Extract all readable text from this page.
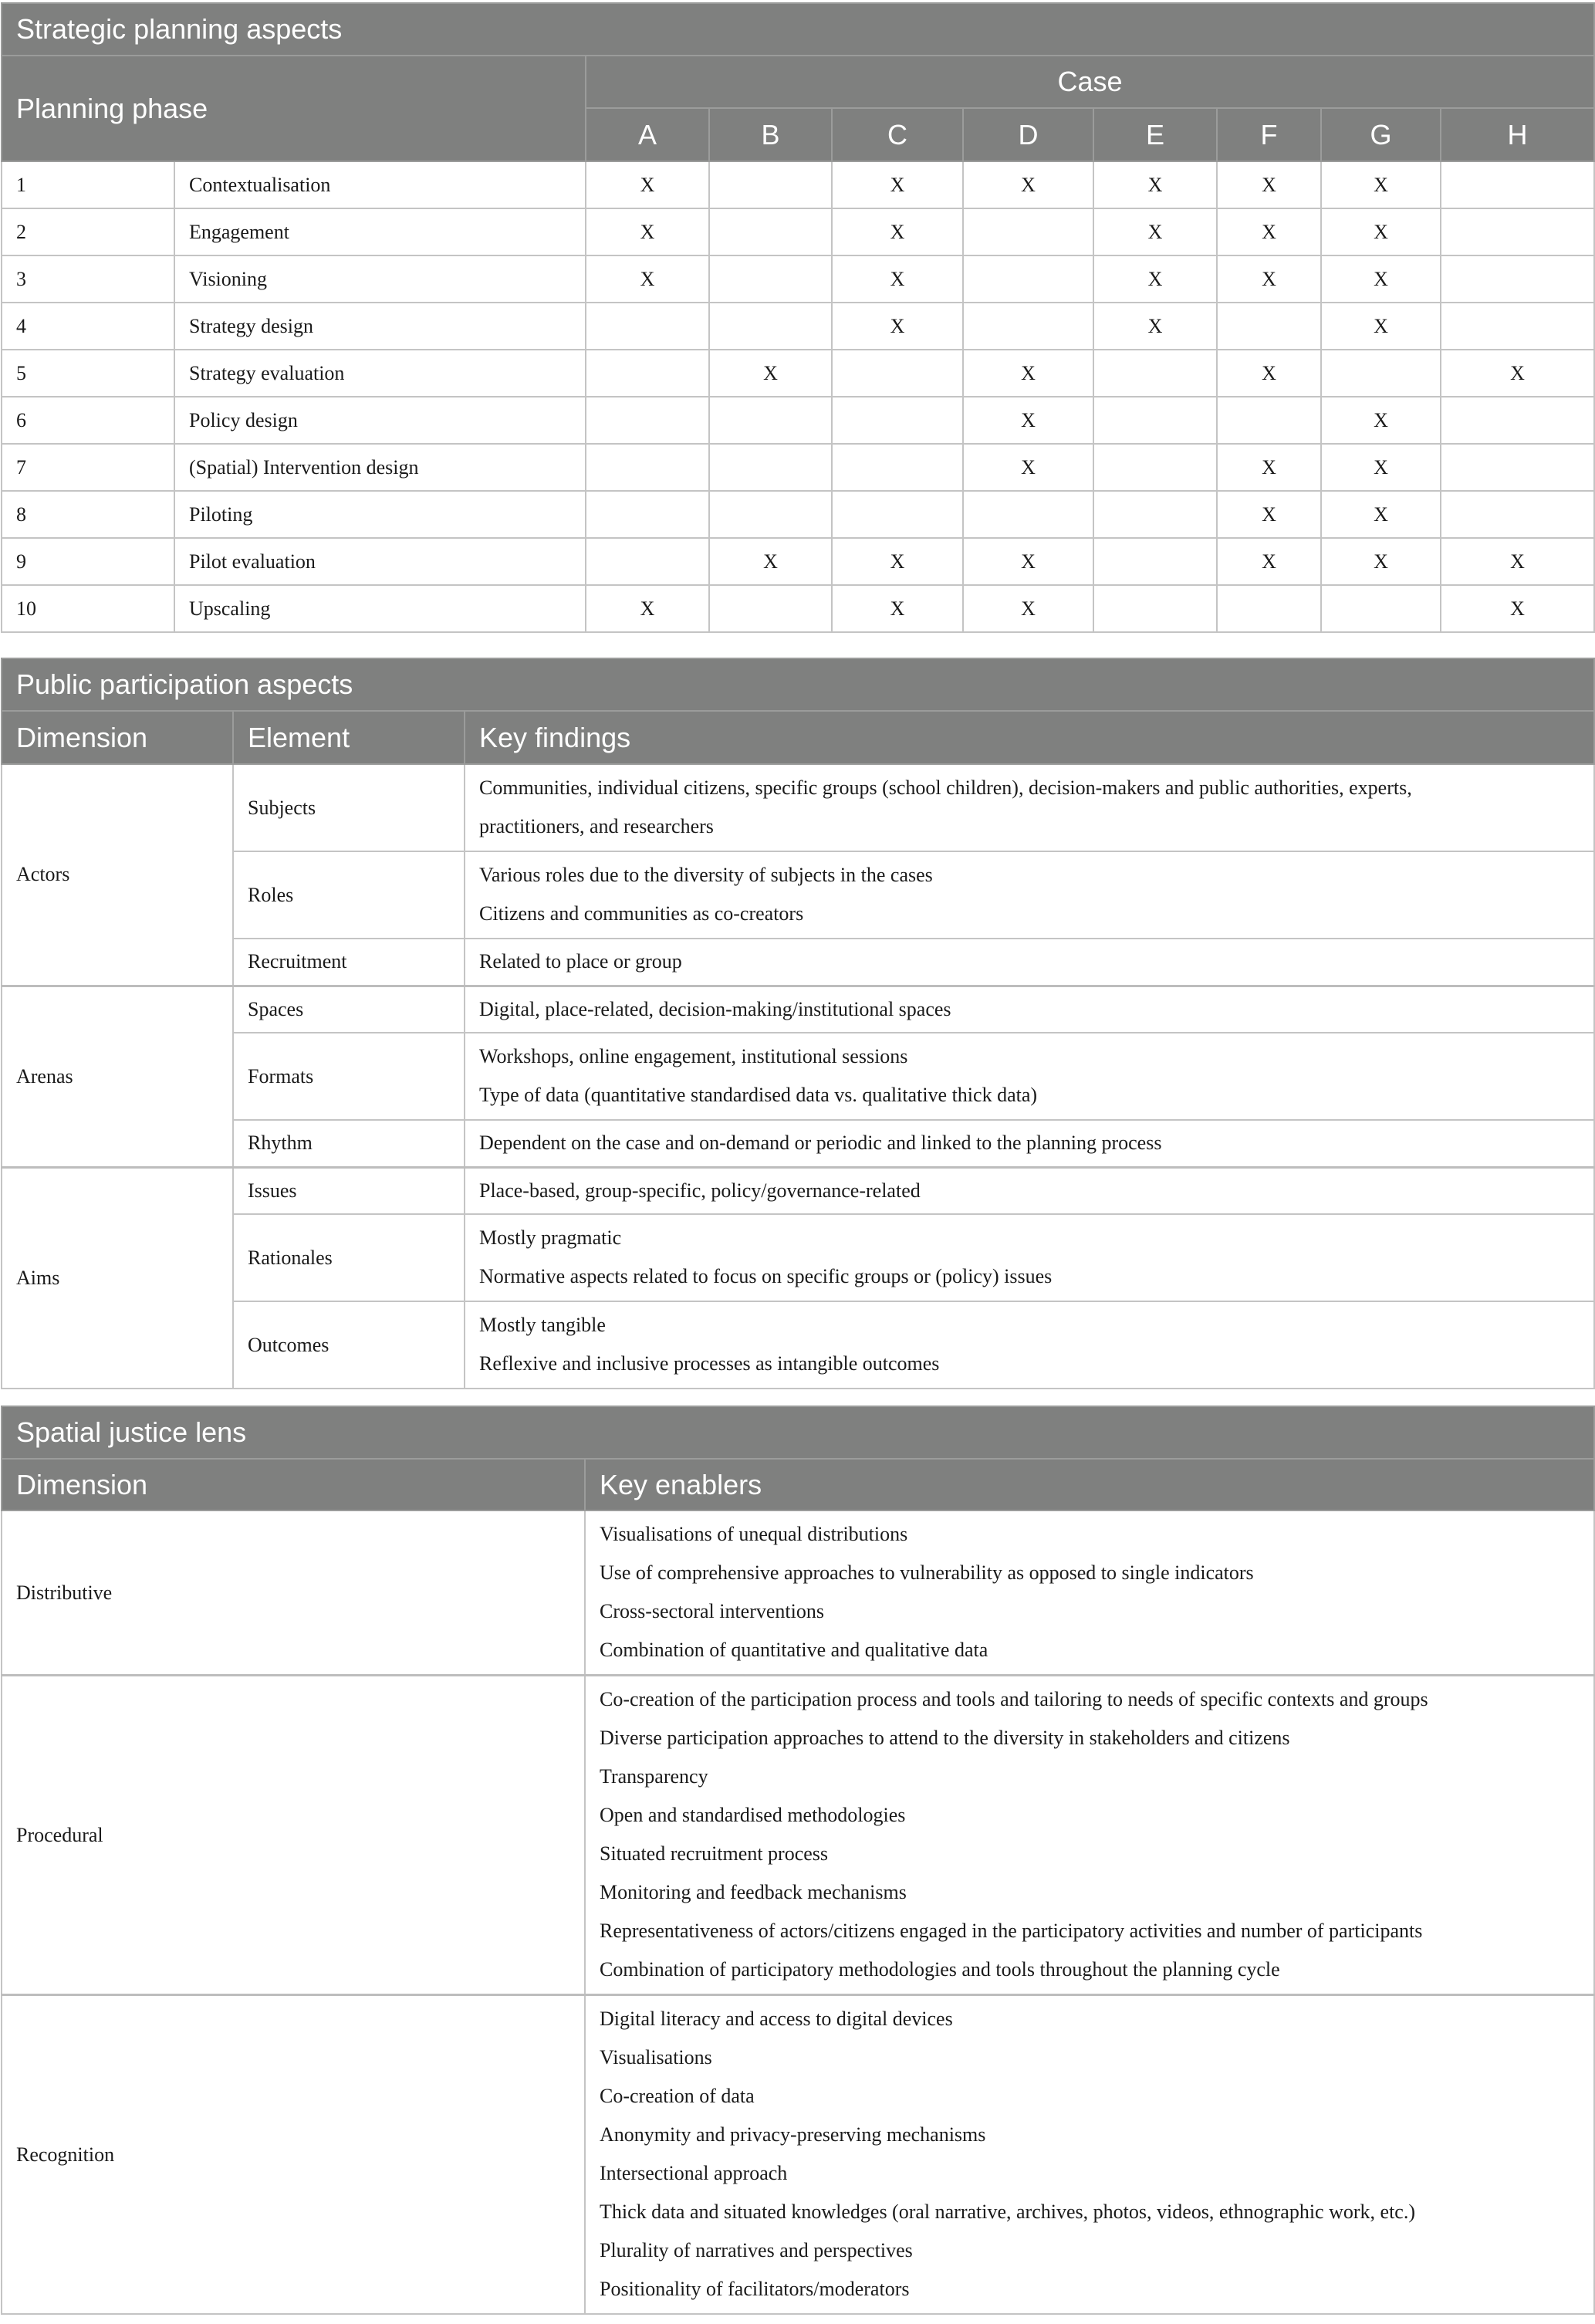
Strategic planning aspects									
Planning phase		Case							
		A	B	C	D	E	F	G	H
1	Contextualisation	X		X	X	X	X	X	
2	Engagement	X		X		X	X	X	
3	Visioning	X		X		X	X	X	
4	Strategy design			X		X		X	
5	Strategy evaluation		X		X		X		X
6	Policy design				X			X	
7	(Spatial) Intervention design				X		X	X	
8	Piloting						X	X	
9	Pilot evaluation		X	X	X		X	X	X
10	Upscaling	X		X	X				X
Public participation aspects		
Dimension	Element	Key findings
Actors	Subjects	Communities, individual citizens, specific groups (school children), decision-makers and public authorities, experts,
practitioners, and researchers

	Roles	Various roles due to the diversity of subjects in the cases
Citizens and communities as co-creators

	Recruitment	Related to place or group

Arenas	Spaces	Digital, place-related, decision-making/institutional spaces

	Formats	Workshops, online engagement, institutional sessions
Type of data (quantitative standardised data vs. qualitative thick data)

	Rhythm	Dependent on the case and on-demand or periodic and linked to the planning process

Aims	Issues	Place-based, group-specific, policy/governance-related

	Rationales	Mostly pragmatic
Normative aspects related to focus on specific groups or (policy) issues

	Outcomes	Mostly tangible
Reflexive and inclusive processes as intangible outcomes
Spatial justice lens	
Dimension	Key enablers
Distributive	Visualisations of unequal distributions
Use of comprehensive approaches to vulnerability as opposed to single indicators
Cross-sectoral interventions
Combination of quantitative and qualitative data

Procedural	
Co-creation of the participation process and tools and tailoring to needs of specific contexts and groups
Diverse participation approaches to attend to the diversity in stakeholders and citizens
Transparency
Open and standardised methodologies
Situated recruitment process
Monitoring and feedback mechanisms
Representativeness of actors/citizens engaged in the participatory activities and number of participants
Combination of participatory methodologies and tools throughout the planning cycle

Recognition	
Digital literacy and access to digital devices
Visualisations
Co-creation of data
Anonymity and privacy-preserving mechanisms
Intersectional approach
Thick data and situated knowledges (oral narrative, archives, photos, videos, ethnographic work, etc.)
Plurality of narratives and perspectives
Positionality of facilitators/moderators
